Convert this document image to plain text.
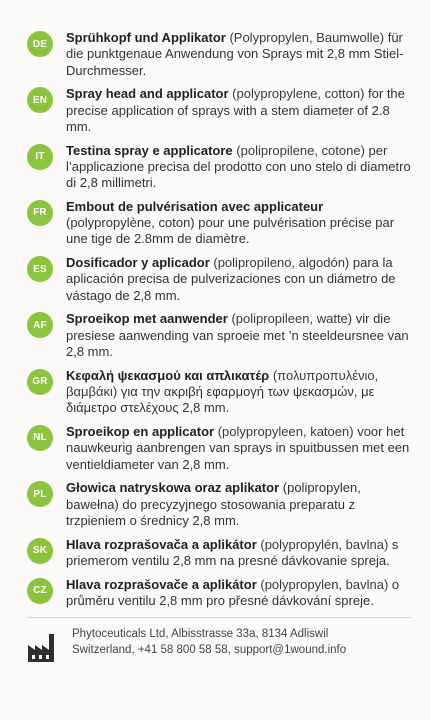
DE	Sprühkopf und Applikator (Polypropylen, Baumwolle) für die punktgenaue Anwendung von Sprays mit 2,8 mm Stiel-Durchmesser.
EN	Spray head and applicator (polypropylene, cotton) for the precise application of sprays with a stem diameter of 2.8 mm.
IT	Testina spray e applicatore (polipropilene, cotone) per l’applicazione precisa del prodotto con uno stelo di diametro di 2,8 millimetri.
FR	Embout de pulvérisation avec applicateur (polypropylène, coton) pour une pulvérisation précise par une tige de 2.8mm de diamètre.
ES	Dosificador y aplicador (polipropileno, algodón) para la aplicación precisa de pulverizaciones con un diámetro de vástago de 2,8 mm.
AF	Sproeikop met aanwender (polipropileen, watte) vir die presiese aanwending van sproeie met ’n steeldeursnee van 2,8 mm.
GR	Κεφαλή ψεκασμού και απλικατέρ (πολυπροπυλένιο, βαμβάκι) για την ακριβή εφαρμογή των ψεκασμών, με διάμετρο στελέχους 2,8 mm.
NL	Sproeikop en applicator (polypropyleen, katoen) voor het nauwkeurig aanbrengen van sprays in spuitbussen met een ventieldiameter van 2,8 mm.
PL	Głowica natryskowa oraz aplikator (polipropylen, bawełna) do precyzyjnego stosowania preparatu z trzpieniem o średnicy 2,8 mm.
SK	Hlava rozprašovača a aplikátor (polypropylén, bavlna) s priemerom ventilu 2,8 mm na presné dávkovanie spreja.
CZ	Hlava rozprašovače a aplikátor (polypropylen, bavlna) o průměru ventilu 2,8 mm pro přesné dávkování spreje.
Phytoceuticals Ltd, Albisstrasse 33a, 8134 Adliswil
Switzerland, +41 58 800 58 58, support@1wound.info
